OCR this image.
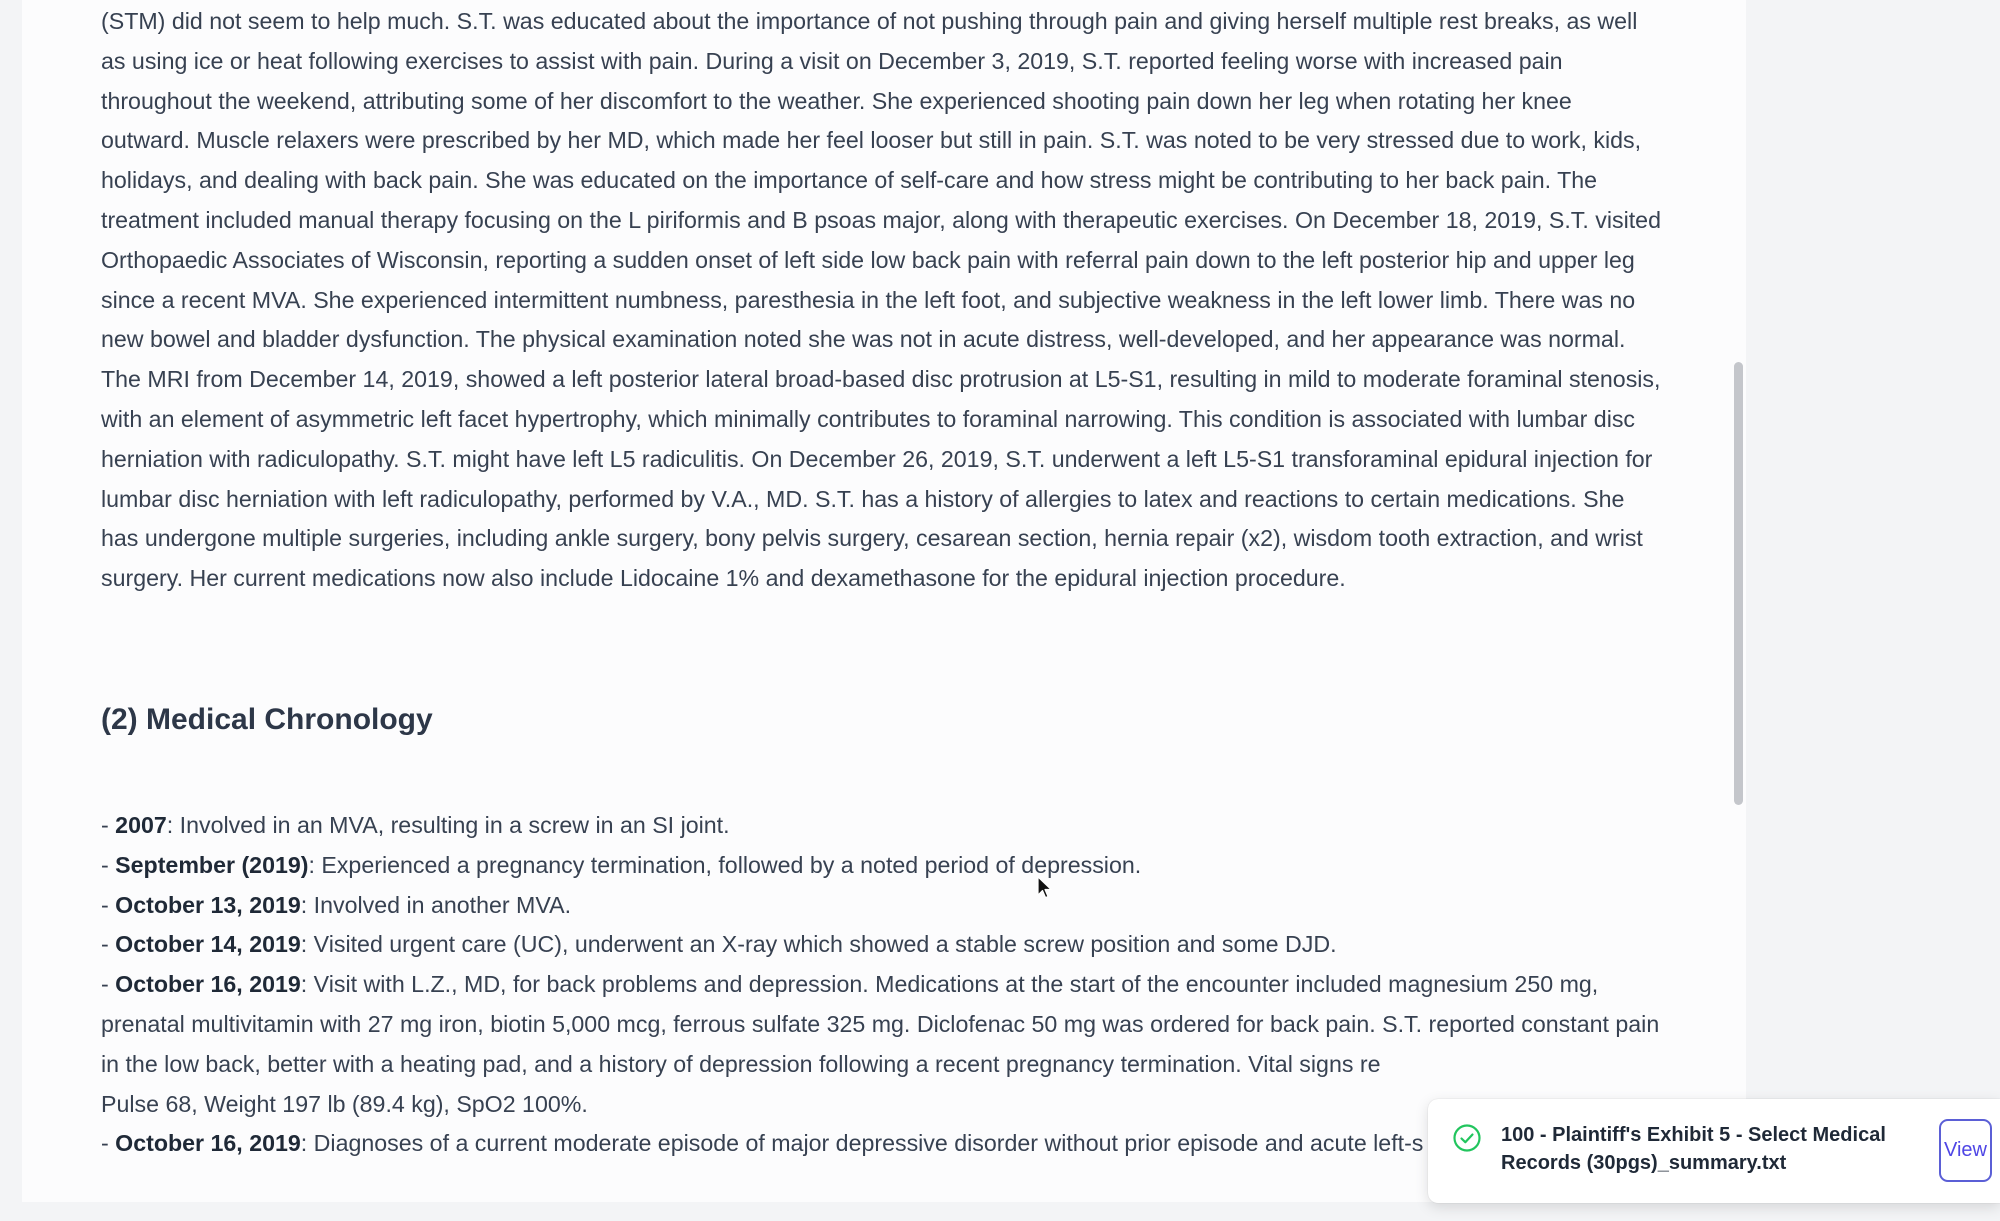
(STM) did not seem to help much. S.T. was educated about the importance of not pushing through pain and giving herself multiple rest breaks, as well as using ice or heat following exercises to assist with pain. During a visit on December 3, 2019, S.T. reported feeling worse with increased pain throughout the weekend, attributing some of her discomfort to the weather. She experienced shooting pain down her leg when rotating her knee outward. Muscle relaxers were prescribed by her MD, which made her feel looser but still in pain. S.T. was noted to be very stressed due to work, kids, holidays, and dealing with back pain. She was educated on the importance of self-care and how stress might be contributing to her back pain. The treatment included manual therapy focusing on the L piriformis and B psoas major, along with therapeutic exercises. On December 18, 2019, S.T. visited Orthopaedic Associates of Wisconsin, reporting a sudden onset of left side low back pain with referral pain down to the left posterior hip and upper leg since a recent MVA. She experienced intermittent numbness, paresthesia in the left foot, and subjective weakness in the left lower limb. There was no new bowel and bladder dysfunction. The physical examination noted she was not in acute distress, well-developed, and her appearance was normal. The MRI from December 14, 2019, showed a left posterior lateral broad-based disc protrusion at L5-S1, resulting in mild to moderate foraminal stenosis, with an element of asymmetric left facet hypertrophy, which minimally contributes to foraminal narrowing. This condition is associated with lumbar disc herniation with radiculopathy. S.T. might have left L5 radiculitis. On December 26, 2019, S.T. underwent a left L5-S1 transforaminal epidural injection for lumbar disc herniation with left radiculopathy, performed by V.A., MD. S.T. has a history of allergies to latex and reactions to certain medications. She has undergone multiple surgeries, including ankle surgery, bony pelvis surgery, cesarean section, hernia repair (x2), wisdom tooth extraction, and wrist surgery. Her current medications now also include Lidocaine 1% and dexamethasone for the epidural injection procedure.

(2) Medical Chronology
- 2007: Involved in an MVA, resulting in a screw in an SI joint.
- September (2019): Experienced a pregnancy termination, followed by a noted period of depression.
- October 13, 2019: Involved in another MVA.
- October 14, 2019: Visited urgent care (UC), underwent an X-ray which showed a stable screw position and some DJD.
- October 16, 2019: Visit with L.Z., MD, for back problems and depression. Medications at the start of the encounter included magnesium 250 mg, prenatal multivitamin with 27 mg iron, biotin 5,000 mcg, ferrous sulfate 325 mg. Diclofenac 50 mg was ordered for back pain. S.T. reported constant pain in the low back, better with a heating pad, and a history of depression following a recent pregnancy termination. Vital signs re
Pulse 68, Weight 197 lb (89.4 kg), SpO2 100%.
- October 16, 2019: Diagnoses of a current moderate episode of major depressive disorder without prior episode and acute left-s	100 - Plaintiff's Exhibit 5 - Select Medical Records (30pgs)_summary.txt
View
